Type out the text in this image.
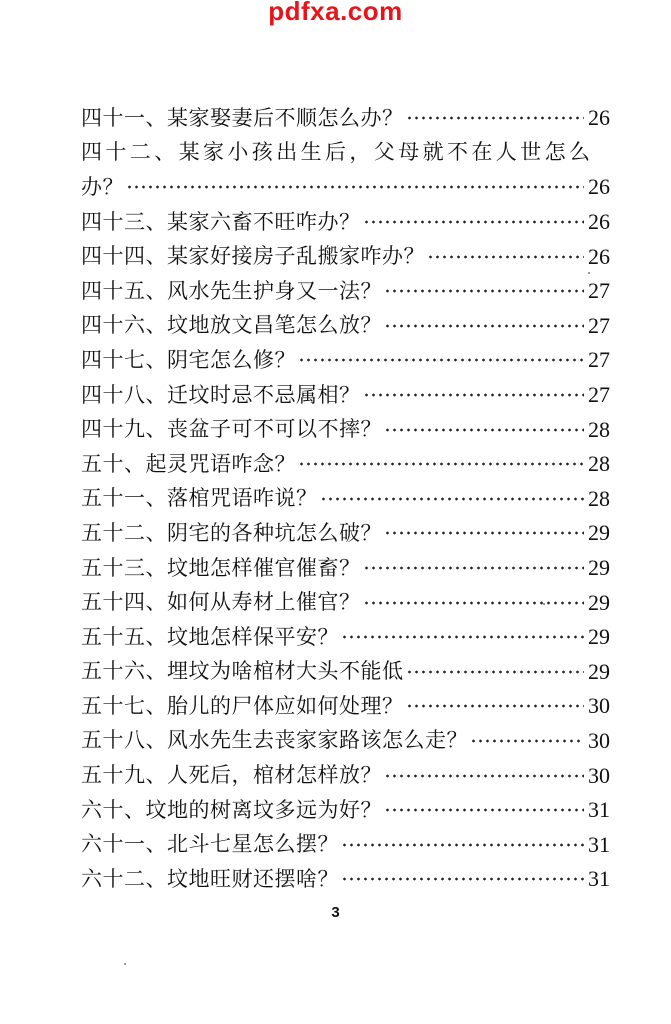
pdfxa.com
四十一、某家娶妻后不顺怎么办？	26
四十二、某家小孩出生后，父母就不在人世怎么
办？	26
四十三、某家六畜不旺咋办？	26
四十四、某家好接房子乱搬家咋办？	26
四十五、风水先生护身又一法？	27
四十六、坟地放文昌笔怎么放？	27
四十七、阴宅怎么修？	27
四十八、迁坟时忌不忌属相？	27
四十九、丧盆子可不可以不摔？	28
五十、起灵咒语咋念？	28
五十一、落棺咒语咋说？	28
五十二、阴宅的各种坑怎么破？	29
五十三、坟地怎样催官催畜？	29
五十四、如何从寿材上催官？	29
五十五、坟地怎样保平安？	29
五十六、埋坟为啥棺材大头不能低	29
五十七、胎儿的尸体应如何处理？	30
五十八、风水先生去丧家家路该怎么走？	30
五十九、人死后，棺材怎样放？	30
六十、坟地的树离坟多远为好？	31
六十一、北斗七星怎么摆？	31
六十二、坟地旺财还摆啥？	31
3
